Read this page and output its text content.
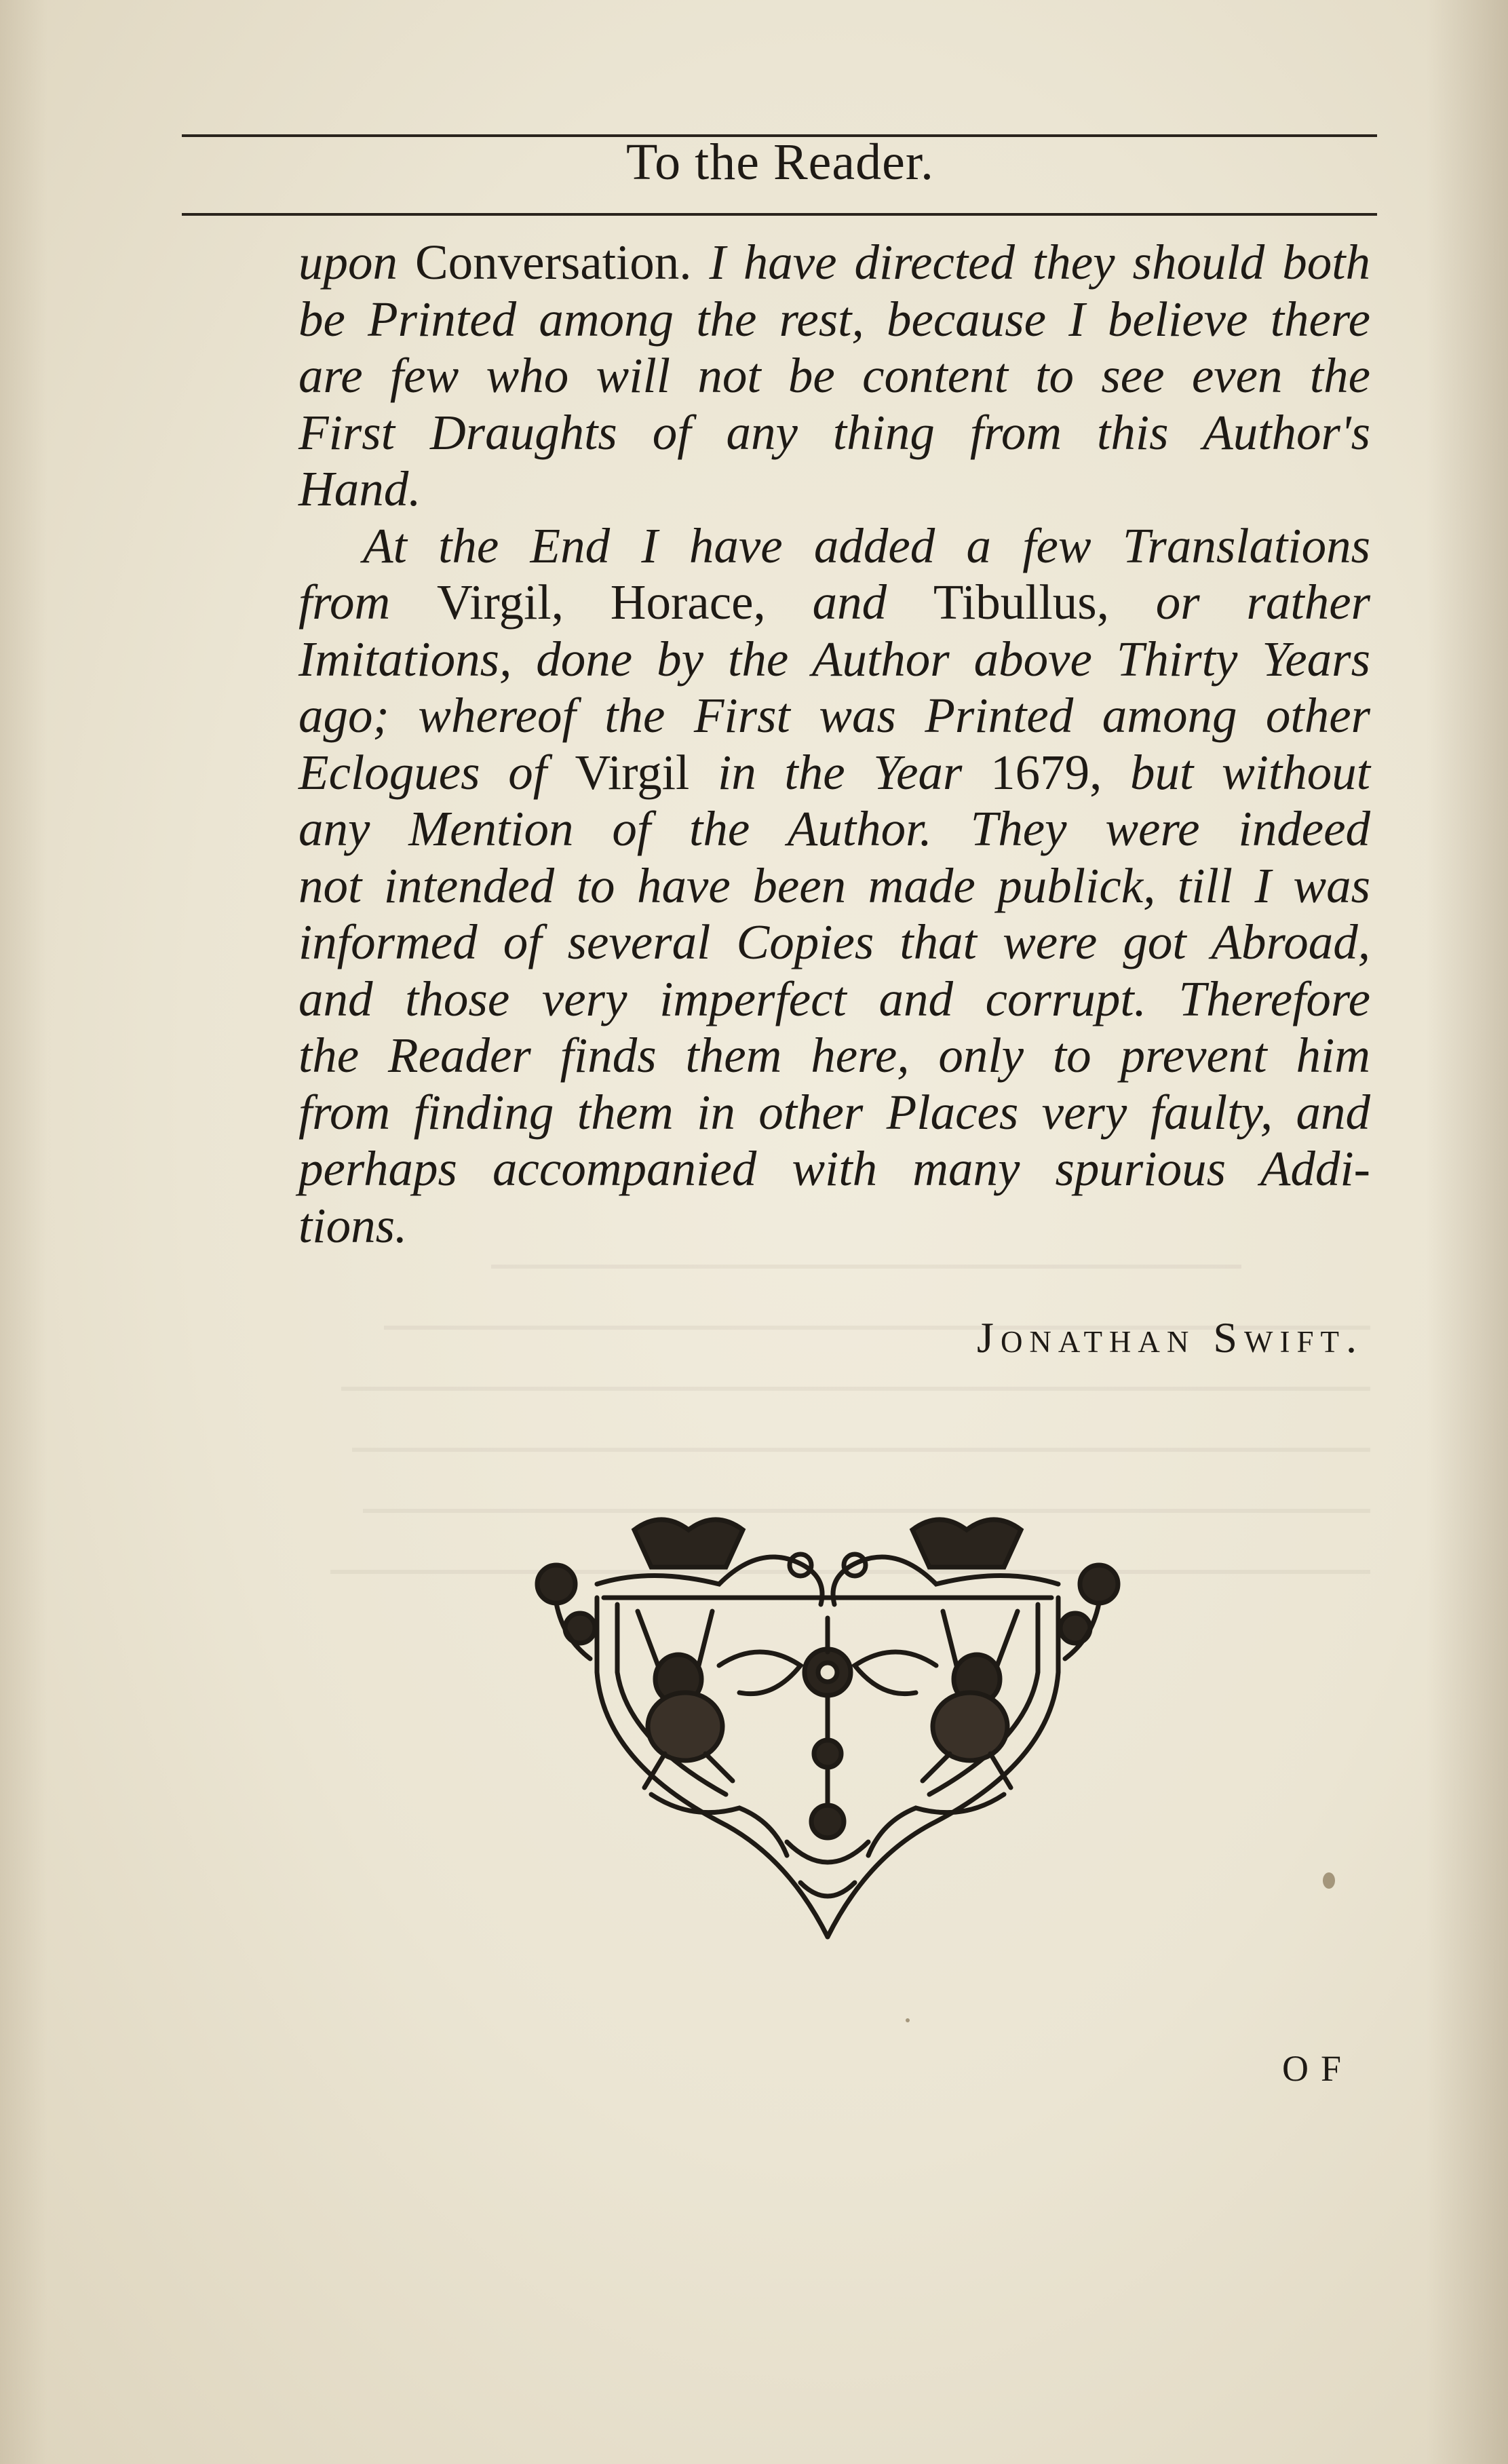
To the Reader.

upon Conversation. I have directed they should both

be Printed among the rest, because I believe there

are few who will not be content to see even the

First Draughts of any thing from this Author's

Hand.

At the End I have added a few Translations

from Virgil, Horace, and Tibullus, or rather

Imitations, done by the Author above Thirty Years

ago; whereof the First was Printed among other

Eclogues of Virgil in the Year 1679, but without

any Mention of the Author. They were indeed

not intended to have been made publick, till I was

informed of several Copies that were got Abroad,

and those very imperfect and corrupt. Therefore

the Reader finds them here, only to prevent him

from finding them in other Places very faulty, and

perhaps accompanied with many spurious Addi-

tions.

Jonathan Swift.
OF
